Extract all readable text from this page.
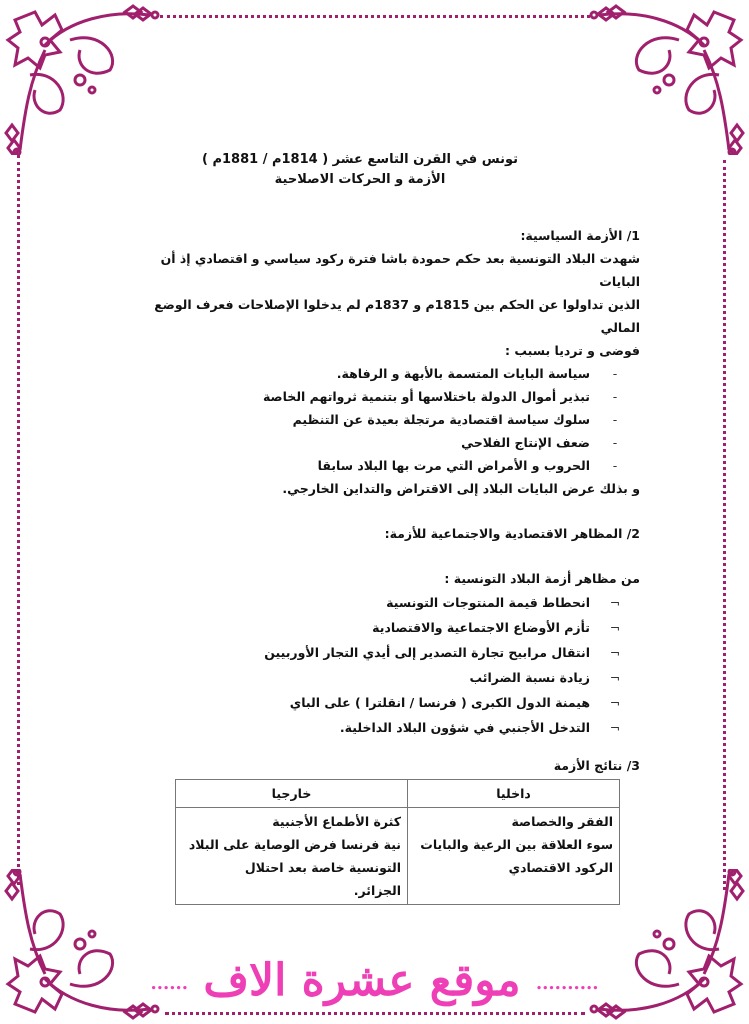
تونس في القرن التاسع عشر ( 1814م / 1881م )
الأزمة و الحركات الاصلاحية
1/ الأزمة السياسية:
شهدت البلاد التونسية بعد حكم حمودة باشا فترة ركود سياسي و اقتصادي إذ أن البايات
الذين تداولوا عن الحكم بين 1815م و 1837م لم يدخلوا الإصلاحات فعرف الوضع المالي
فوضى و ترديا بسبب :
-
سياسة البايات المتسمة بالأبهة و الرفاهة.
-
تبذير أموال الدولة باختلاسها أو بتنمية ثرواتهم الخاصة
-
سلوك سياسة اقتصادية مرتجلة بعيدة عن التنظيم
-
ضعف الإنتاج الفلاحي
-
الحروب و الأمراض التي مرت بها البلاد سابقا
و بذلك عرض البايات البلاد إلى الاقتراض والتداين الخارجي.
2/ المظاهر الاقتصادية والاجتماعية للأزمة:
من مظاهر أزمة البلاد التونسية :
¬
انحطاط قيمة المنتوجات التونسية
¬
تأزم الأوضاع الاجتماعية والاقتصادية
¬
انتقال مرابيح تجارة التصدير إلى أيدي التجار الأوربيين
¬
زيادة نسبة الضرائب
¬
هيمنة الدول الكبرى ( فرنسا / انقلترا ) على الباي
¬
التدخل الأجنبي في شؤون البلاد الداخلية.
3/ نتائج الأزمة
داخليا	خارجيا

الفقر والخصاصة
سوء العلاقة بين الرعية والبايات
الركود الاقتصادي

كثرة الأطماع الأجنبية
نية فرنسا فرض الوصاية على البلاد
التونسية خاصة بعد احتلال
الجزائر.
.......... موقع عشرة الاف ......
